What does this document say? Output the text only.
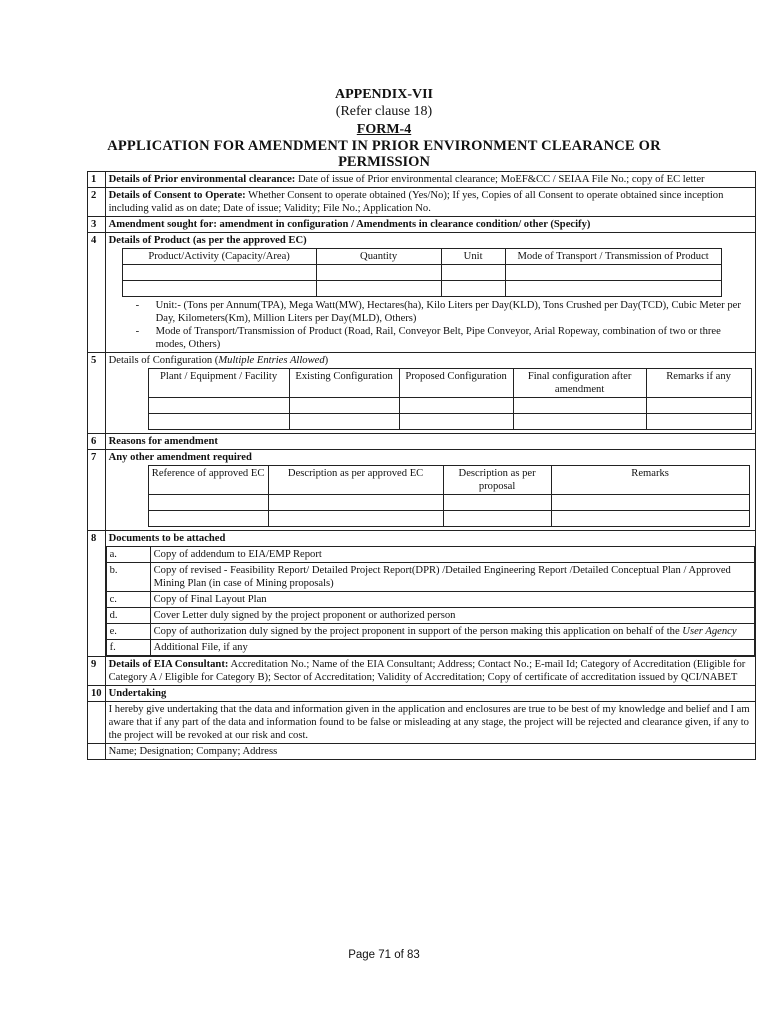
APPENDIX-VII
(Refer clause 18)
FORM-4
APPLICATION FOR AMENDMENT IN PRIOR ENVIRONMENT CLEARANCE OR
PERMISSION
1	Details of Prior environmental clearance: Date of issue of Prior environmental clearance; MoEF&CC / SEIAA File No.; copy of EC letter
2	Details of Consent to Operate: Whether Consent to operate obtained (Yes/No); If yes, Copies of all Consent to operate obtained since inception including valid as on date; Date of issue; Validity; File No.; Application No.
3	Amendment sought for: amendment in configuration / Amendments in clearance condition/ other (Specify)
4	Details of Product (as per the approved EC)
Product/Activity (Capacity/Area)	Quantity	Unit	Mode of Transport / Transmission of Product

- Unit:- (Tons per Annum(TPA), Mega Watt(MW), Hectares(ha), Kilo Liters per Day(KLD), Tons Crushed per Day(TCD), Cubic Meter per Day, Kilometers(Km), Million Liters per Day(MLD), Others)
- Mode of Transport/Transmission of Product (Road, Rail, Conveyor Belt, Pipe Conveyor, Arial Ropeway, combination of two or three modes, Others)

5	Details of Configuration (Multiple Entries Allowed)
Plant / Equipment / Facility	Existing Configuration	Proposed Configuration	Final configuration after amendment	Remarks if any

6	Reasons for amendment
7	Any other amendment required
Reference of approved EC	Description as per approved EC	Description as per proposal	Remarks

8	Documents to be attached
a.	Copy of addendum to EIA/EMP Report
b.	Copy of revised - Feasibility Report/ Detailed Project Report(DPR) /Detailed Engineering Report /Detailed Conceptual Plan / Approved Mining Plan (in case of Mining proposals)
c.	Copy of Final Layout Plan
d.	Cover Letter duly signed by the project proponent or authorized person
e.	Copy of authorization duly signed by the project proponent in support of the person making this application on behalf of the User Agency
f.	Additional File, if any

9	Details of EIA Consultant: Accreditation No.; Name of the EIA Consultant; Address; Contact No.; E-mail Id; Category of Accreditation (Eligible for Category A / Eligible for Category B); Sector of Accreditation; Validity of Accreditation; Copy of certificate of accreditation issued by QCI/NABET
10	Undertaking
	I hereby give undertaking that the data and information given in the application and enclosures are true to be best of my knowledge and belief and I am aware that if any part of the data and information found to be false or misleading at any stage, the project will be rejected and clearance given, if any to the project will be revoked at our risk and cost.
	Name; Designation; Company; Address
Page 71 of 83
